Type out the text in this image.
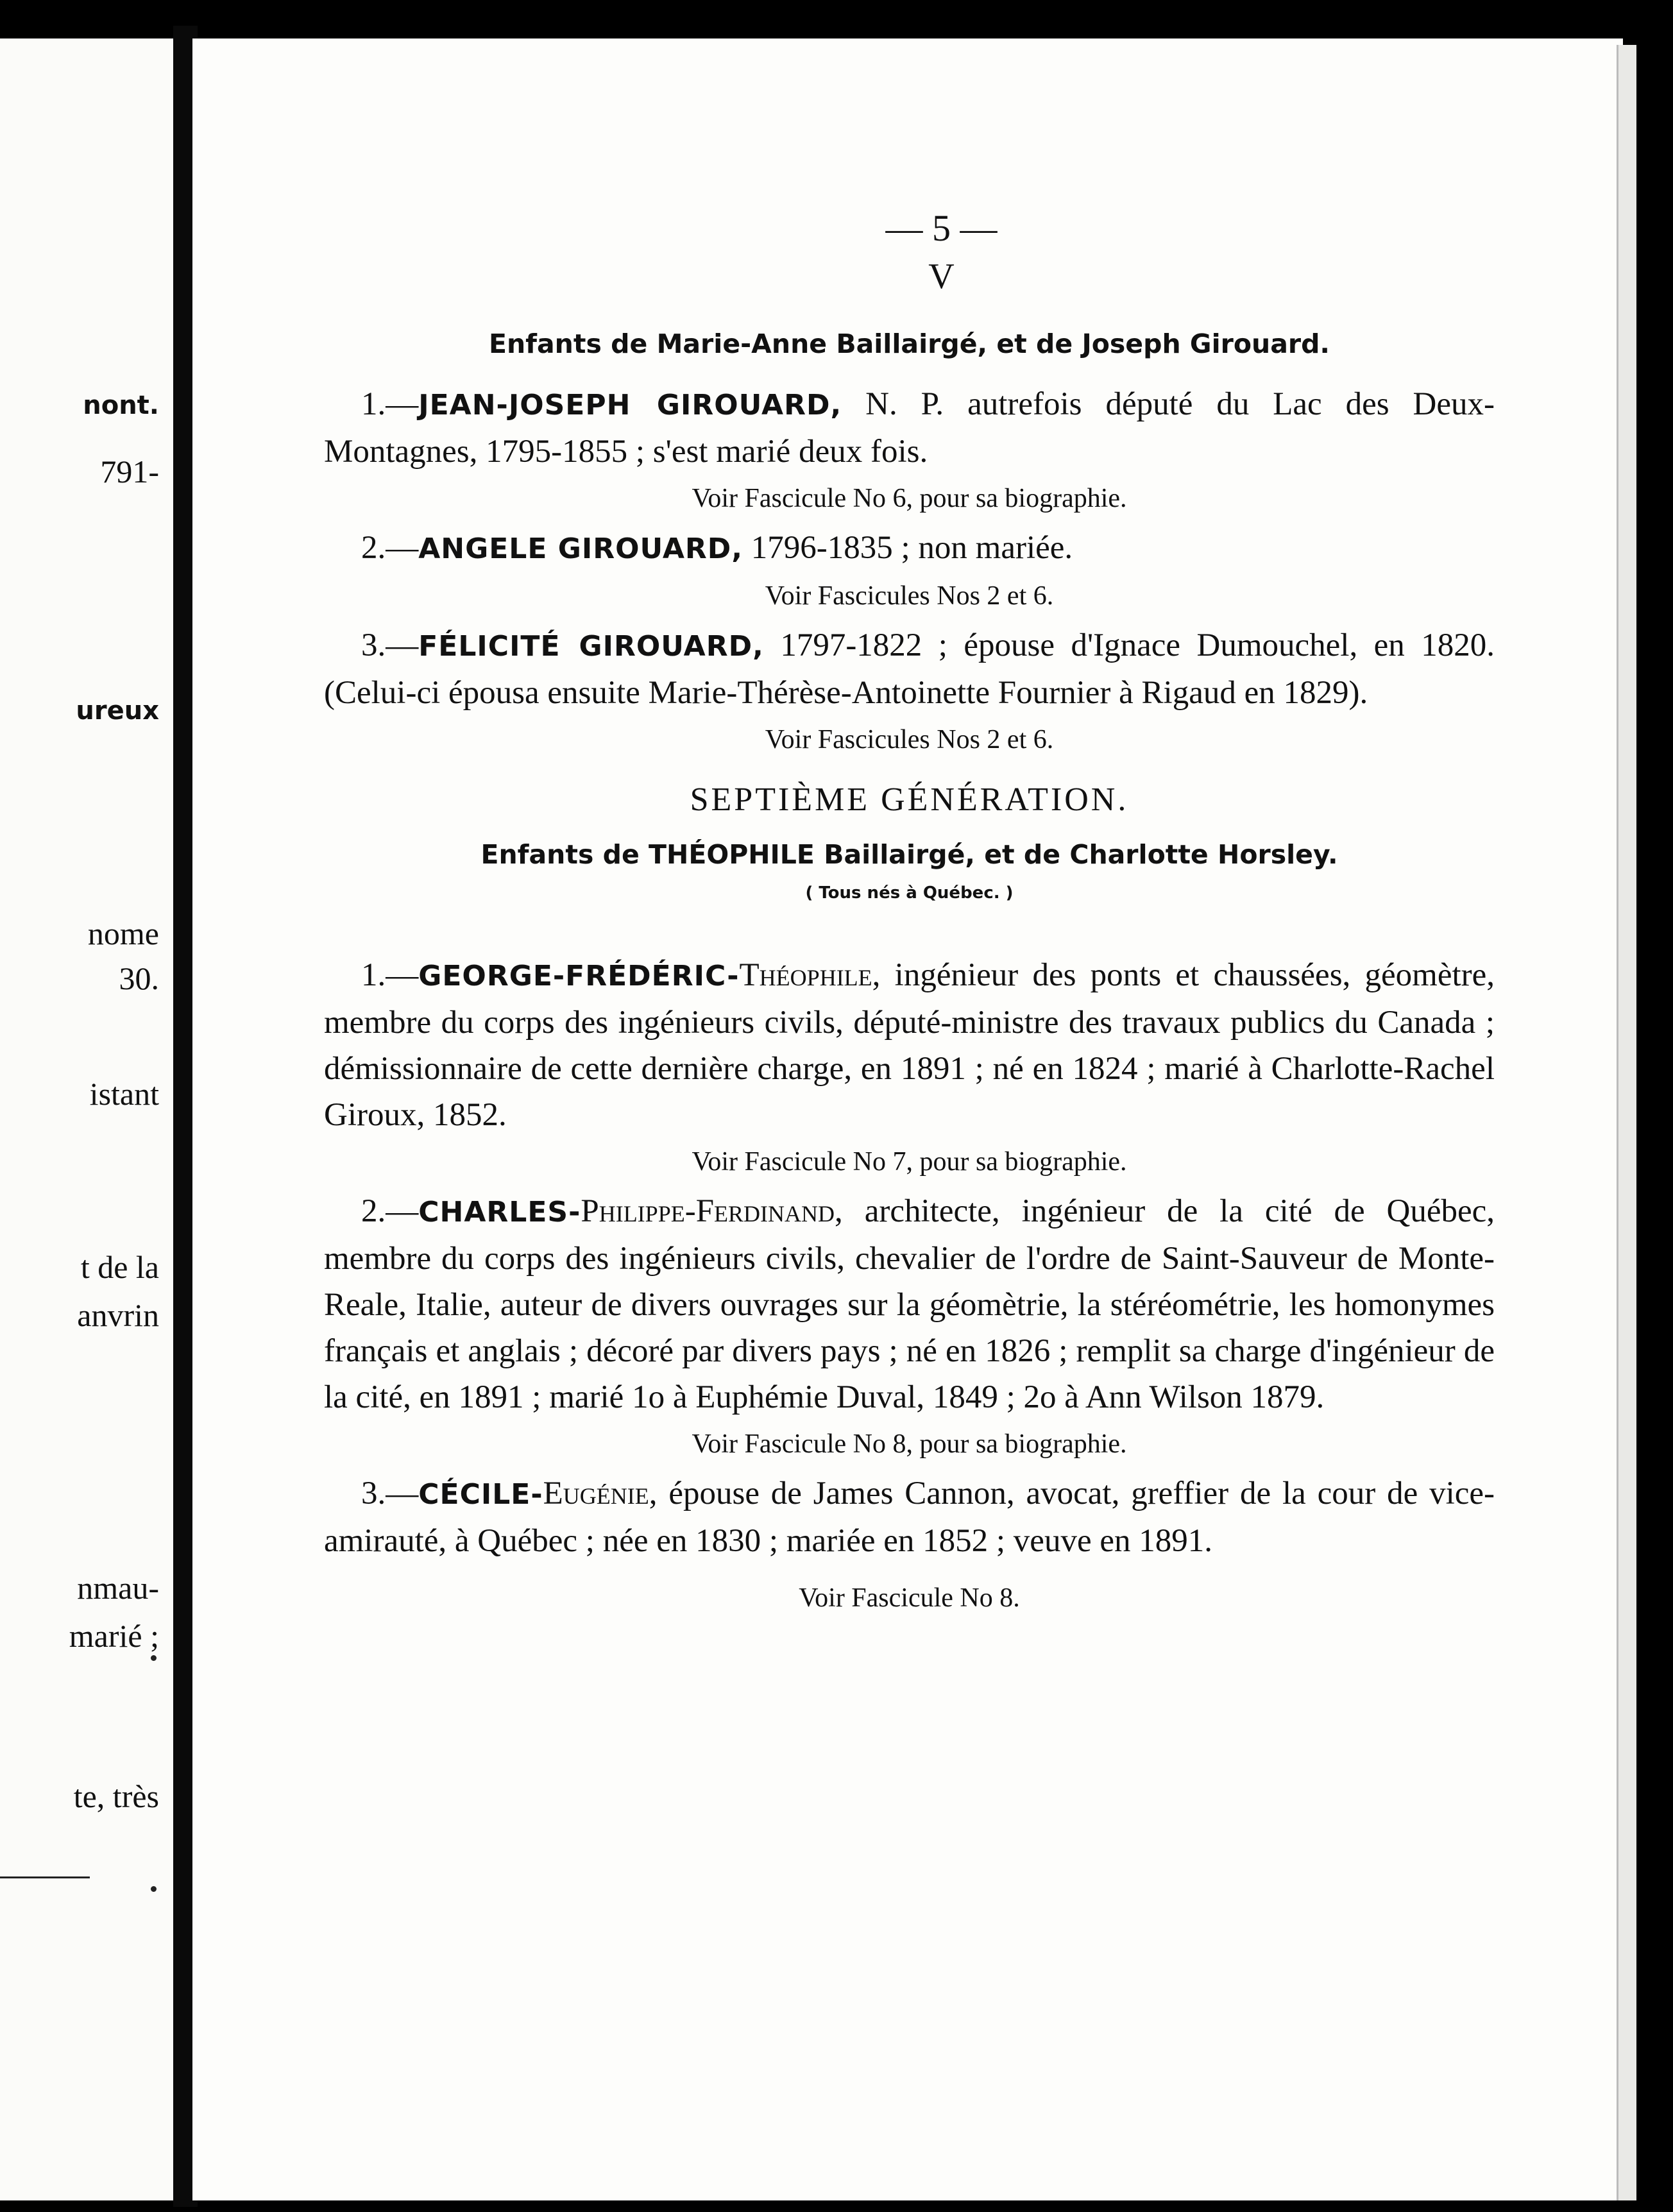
nont.
791-
ureux
nome
30.
istant
t de la
anvrin
nmau-
marié ;
te, très
— 5 —
V
Enfants de Marie-Anne Baillairgé, et de Joseph Girouard.
1.—JEAN-JOSEPH GIROUARD, N. P. autrefois député du Lac des Deux-Montagnes, 1795-1855 ; s'est marié deux fois.
Voir Fascicule No 6, pour sa biographie.
2.—ANGELE GIROUARD, 1796-1835 ; non mariée.
Voir Fascicules Nos 2 et 6.
3.—FÉLICITÉ GIROUARD, 1797-1822 ; épouse d'Ignace Dumouchel, en 1820. (Celui-ci épousa ensuite Marie-Thérèse-Antoinette Fournier à Rigaud en 1829).
Voir Fascicules Nos 2 et 6.
SEPTIÈME GÉNÉRATION.
Enfants de THÉOPHILE Baillairgé, et de Charlotte Horsley.
( Tous nés à Québec. )
1.—GEORGE-FRÉDÉRIC-Théophile, ingénieur des ponts et chaussées, géomètre, membre du corps des ingénieurs civils, député-ministre des travaux publics du Canada ; démissionnaire de cette dernière charge, en 1891 ; né en 1824 ; marié à Charlotte-Rachel Giroux, 1852.
Voir Fascicule No 7, pour sa biographie.
2.—CHARLES-Philippe-Ferdinand, architecte, ingénieur de la cité de Québec, membre du corps des ingénieurs civils, chevalier de l'ordre de Saint-Sauveur de Monte-Reale, Italie, auteur de divers ouvrages sur la géomètrie, la stéréométrie, les homonymes français et anglais ; décoré par divers pays ; né en 1826 ; remplit sa charge d'ingénieur de la cité, en 1891 ; marié 1o à Euphémie Duval, 1849 ; 2o à Ann Wilson 1879.
Voir Fascicule No 8, pour sa biographie.
3.—CÉCILE-Eugénie, épouse de James Cannon, avocat, greffier de la cour de vice-amirauté, à Québec ; née en 1830 ; mariée en 1852 ; veuve en 1891.
Voir Fascicule No 8.
